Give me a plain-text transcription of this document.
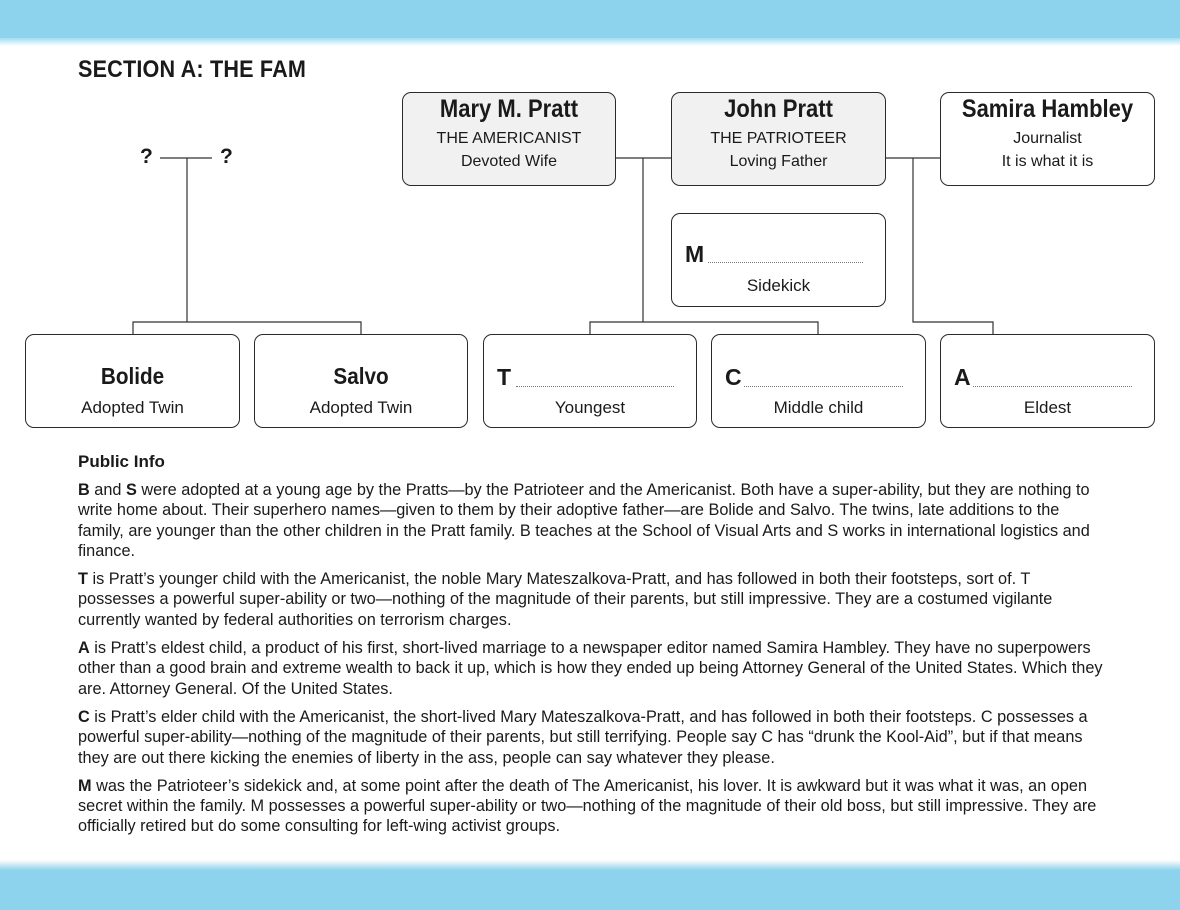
SECTION A: THE FAM
?	?
Mary M. Pratt
THE AMERICANIST
Devoted Wife
John Pratt
THE PATRIOTEER
Loving Father
Samira Hambley
Journalist
It is what it is
M
Sidekick
Bolide
Adopted Twin
Salvo
Adopted Twin
T
Youngest
C
Middle child
A
Eldest
Public Info

B and S were adopted at a young age by the Pratts—by the Patrioteer and the Americanist. Both have a super-ability, but they are nothing to write home about. Their superhero names—given to them by their adoptive father—are Bolide and Salvo. The twins, late additions to the family, are younger than the other children in the Pratt family. B teaches at the School of Visual Arts and S works in international logistics and finance.

T is Pratt’s younger child with the Americanist, the noble Mary Mateszalkova-Pratt, and has followed in both their footsteps, sort of. T possesses a powerful super-ability or two—nothing of the magnitude of their parents, but still impressive. They are a costumed vigilante currently wanted by federal authorities on terrorism charges.

A is Pratt’s eldest child, a product of his first, short-lived marriage to a newspaper editor named Samira Hambley. They have no superpowers other than a good brain and extreme wealth to back it up, which is how they ended up being Attorney General of the United States. Which they are. Attorney General. Of the United States.

C is Pratt’s elder child with the Americanist, the short-lived Mary Mateszalkova-Pratt, and has followed in both their footsteps. C possesses a powerful super-ability—nothing of the magnitude of their parents, but still terrifying. People say C has “drunk the Kool-Aid”, but if that means they are out there kicking the enemies of liberty in the ass, people can say whatever they please.

M was the Patrioteer’s sidekick and, at some point after the death of The Americanist, his lover. It is awkward but it was what it was, an open secret within the family. M possesses a powerful super-ability or two—nothing of the magnitude of their old boss, but still impressive. They are officially retired but do some consulting for left-wing activist groups.
